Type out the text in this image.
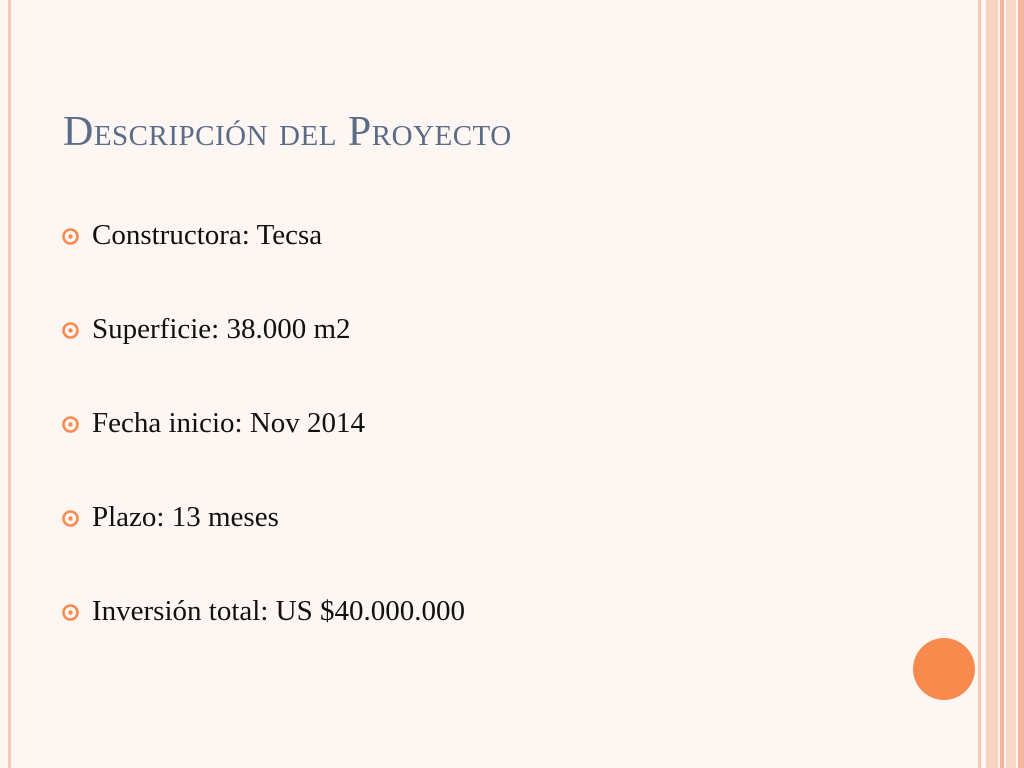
Descripción del Proyecto
Constructora: Tecsa
Superficie: 38.000 m2
Fecha inicio: Nov 2014
Plazo: 13 meses
Inversión total: US $40.000.000
